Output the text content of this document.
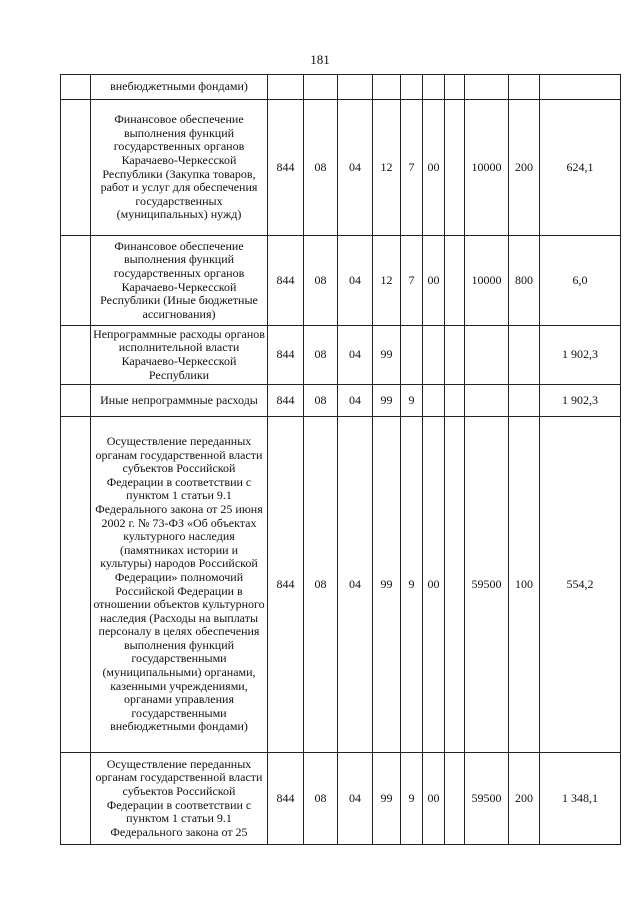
181
	внебюджетными фондами)										
	Финансовое обеспечение выполнения функций государственных органов Карачаево-Черкесской Республики (Закупка товаров, работ и услуг для обеспечения государственных (муниципальных) нужд)	844	08	04	12	7	00		10000	200	624,1
	Финансовое обеспечение выполнения функций государственных органов Карачаево-Черкесской Республики (Иные бюджетные ассигнования)	844	08	04	12	7	00		10000	800	6,0
	Непрограммные расходы органов исполнительной власти Карачаево-Черкесской Республики	844	08	04	99						1 902,3
	Иные непрограммные расходы	844	08	04	99	9					1 902,3
	Осуществление переданных органам государственной власти субъектов Российской Федерации в соответствии с пунктом 1 статьи 9.1 Федерального закона от 25 июня 2002 г. № 73-ФЗ «Об объектах культурного наследия (памятниках истории и культуры) народов Российской Федерации» полномочий Российской Федерации в отношении объектов культурного наследия (Расходы на выплаты персоналу в целях обеспечения выполнения функций государственными (муниципальными) органами, казенными учреждениями, органами управления государственными внебюджетными фондами)	844	08	04	99	9	00		59500	100	554,2
	Осуществление переданных органам государственной власти субъектов Российской Федерации в соответствии с пунктом 1 статьи 9.1 Федерального закона от 25	844	08	04	99	9	00		59500	200	1 348,1
